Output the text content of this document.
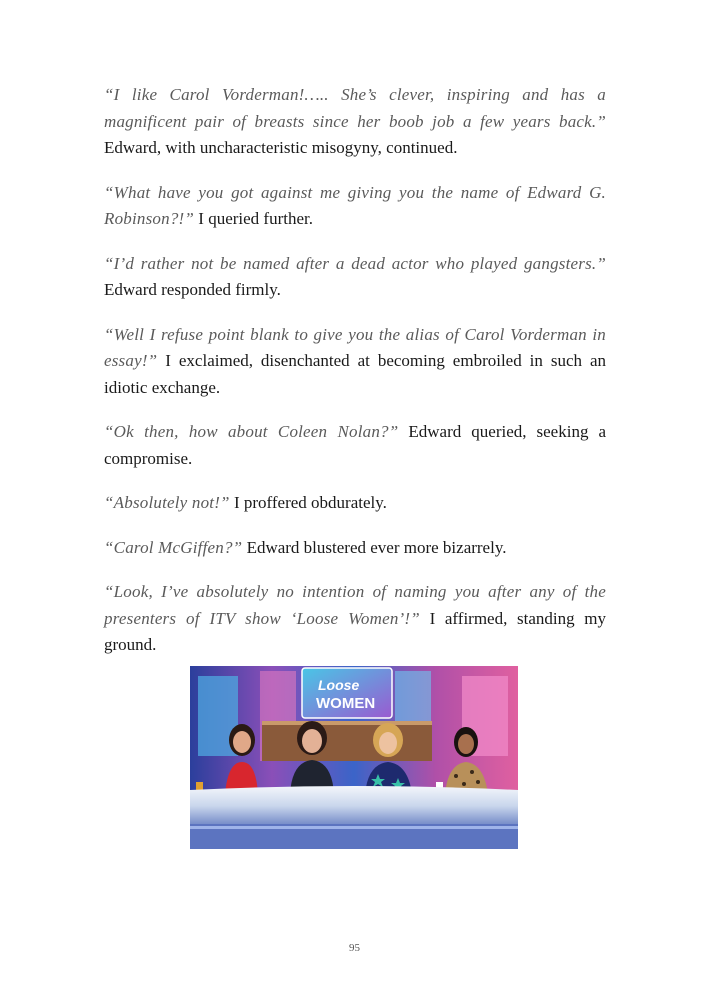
“I like Carol Vorderman!….. She’s clever, inspiring and has a magnificent pair of breasts since her boob job a few years back.” Edward, with uncharacteristic misogyny, continued.

“What have you got against me giving you the name of Edward G. Robinson?!” I queried further.

“I’d rather not be named after a dead actor who played gangsters.” Edward responded firmly.

“Well I refuse point blank to give you the alias of Carol Vorderman in essay!” I exclaimed, disenchanted at becoming embroiled in such an idiotic exchange.

“Ok then, how about Coleen Nolan?” Edward queried, seeking a compromise.

“Absolutely not!” I proffered obdurately.

“Carol McGiffen?” Edward blustered ever more bizarrely.

“Look, I’ve absolutely no intention of naming you after any of the presenters of ITV show ‘Loose Women’!” I affirmed, standing my ground.

Loose
WOMEN
95
